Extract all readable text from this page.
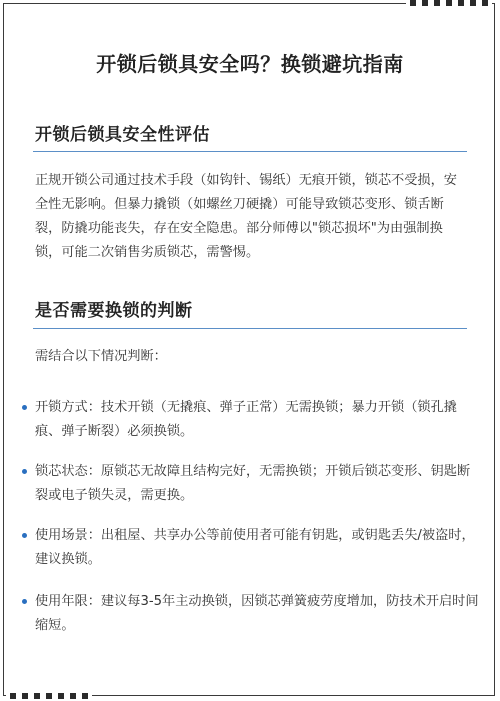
开锁后锁具安全吗？换锁避坑指南
开锁后锁具安全性评估
正规开锁公司通过技术手段（如钩针、锡纸）无痕开锁，锁芯不受损，安全性无影响。但暴力撬锁（如螺丝刀硬撬）可能导致锁芯变形、锁舌断裂，防撬功能丧失，存在安全隐患。部分师傅以"锁芯损坏"为由强制换锁，可能二次销售劣质锁芯，需警惕。
是否需要换锁的判断
需结合以下情况判断：
开锁方式：技术开锁（无撬痕、弹子正常）无需换锁；暴力开锁（锁孔撬痕、弹子断裂）必须换锁。
锁芯状态：原锁芯无故障且结构完好，无需换锁；开锁后锁芯变形、钥匙断裂或电子锁失灵，需更换。
使用场景：出租屋、共享办公等前使用者可能有钥匙，或钥匙丢失/被盗时，建议换锁。
使用年限：建议每3-5年主动换锁，因锁芯弹簧疲劳度增加，防技术开启时间缩短。
